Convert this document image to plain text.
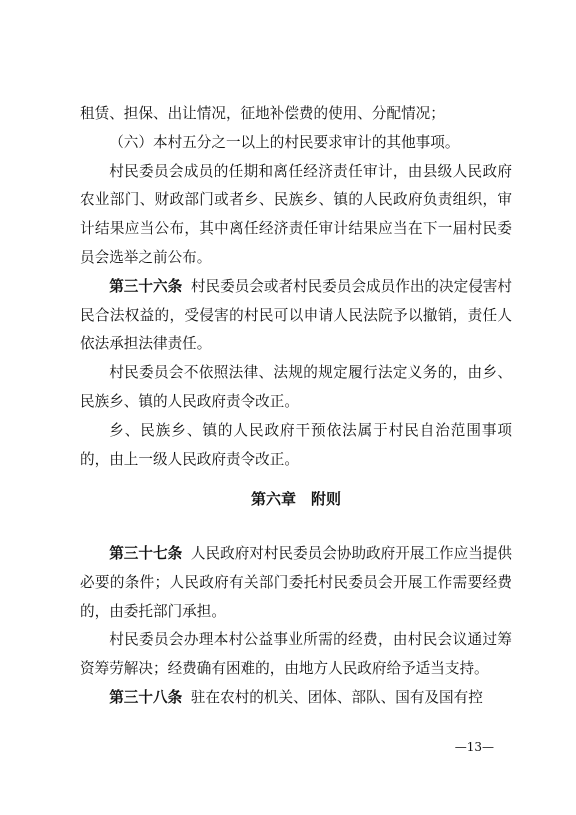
租赁、担保、出让情况，征地补偿费的使用、分配情况；

（六）本村五分之一以上的村民要求审计的其他事项。

村民委员会成员的任期和离任经济责任审计，由县级人民政府农业部门、财政部门或者乡、民族乡、镇的人民政府负责组织，审计结果应当公布，其中离任经济责任审计结果应当在下一届村民委员会选举之前公布。

第三十六条 村民委员会或者村民委员会成员作出的决定侵害村民合法权益的，受侵害的村民可以申请人民法院予以撤销，责任人依法承担法律责任。

村民委员会不依照法律、法规的规定履行法定义务的，由乡、民族乡、镇的人民政府责令改正。

乡、民族乡、镇的人民政府干预依法属于村民自治范围事项的，由上一级人民政府责令改正。

第六章　附则

第三十七条 人民政府对村民委员会协助政府开展工作应当提供必要的条件；人民政府有关部门委托村民委员会开展工作需要经费的，由委托部门承担。

村民委员会办理本村公益事业所需的经费，由村民会议通过筹资筹劳解决；经费确有困难的，由地方人民政府给予适当支持。

第三十八条 驻在农村的机关、团体、部队、国有及国有控

—13—
